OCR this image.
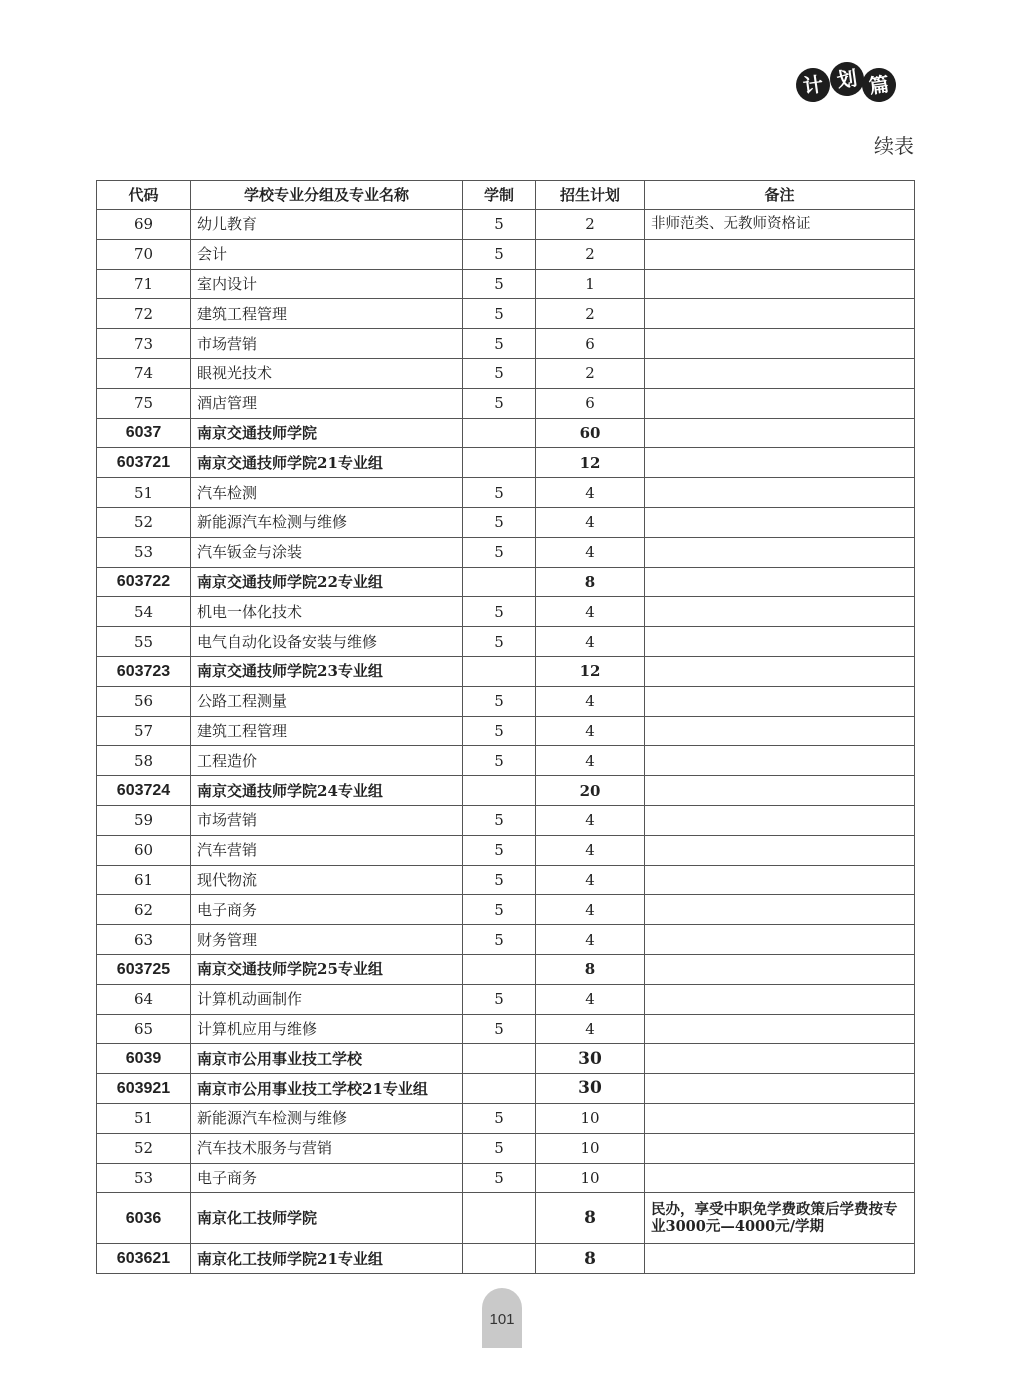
计 划 篇
续表
代码	学校专业分组及专业名称	学制	招生计划	备注
69	幼儿教育	5	2	非师范类、无教师资格证
70	会计	5	2	
71	室内设计	5	1	
72	建筑工程管理	5	2	
73	市场营销	5	6	
74	眼视光技术	5	2	
75	酒店管理	5	6	
6037	南京交通技师学院		60	
603721	南京交通技师学院21专业组		12	
51	汽车检测	5	4	
52	新能源汽车检测与维修	5	4	
53	汽车钣金与涂装	5	4	
603722	南京交通技师学院22专业组		8	
54	机电一体化技术	5	4	
55	电气自动化设备安装与维修	5	4	
603723	南京交通技师学院23专业组		12	
56	公路工程测量	5	4	
57	建筑工程管理	5	4	
58	工程造价	5	4	
603724	南京交通技师学院24专业组		20	
59	市场营销	5	4	
60	汽车营销	5	4	
61	现代物流	5	4	
62	电子商务	5	4	
63	财务管理	5	4	
603725	南京交通技师学院25专业组		8	
64	计算机动画制作	5	4	
65	计算机应用与维修	5	4	
6039	南京市公用事业技工学校		30	
603921	南京市公用事业技工学校21专业组		30	
51	新能源汽车检测与维修	5	10	
52	汽车技术服务与营销	5	10	
53	电子商务	5	10	
6036	南京化工技师学院		8	民办，享受中职免学费政策后学费按专业3000元—4000元/学期
603621	南京化工技师学院21专业组		8	
101
